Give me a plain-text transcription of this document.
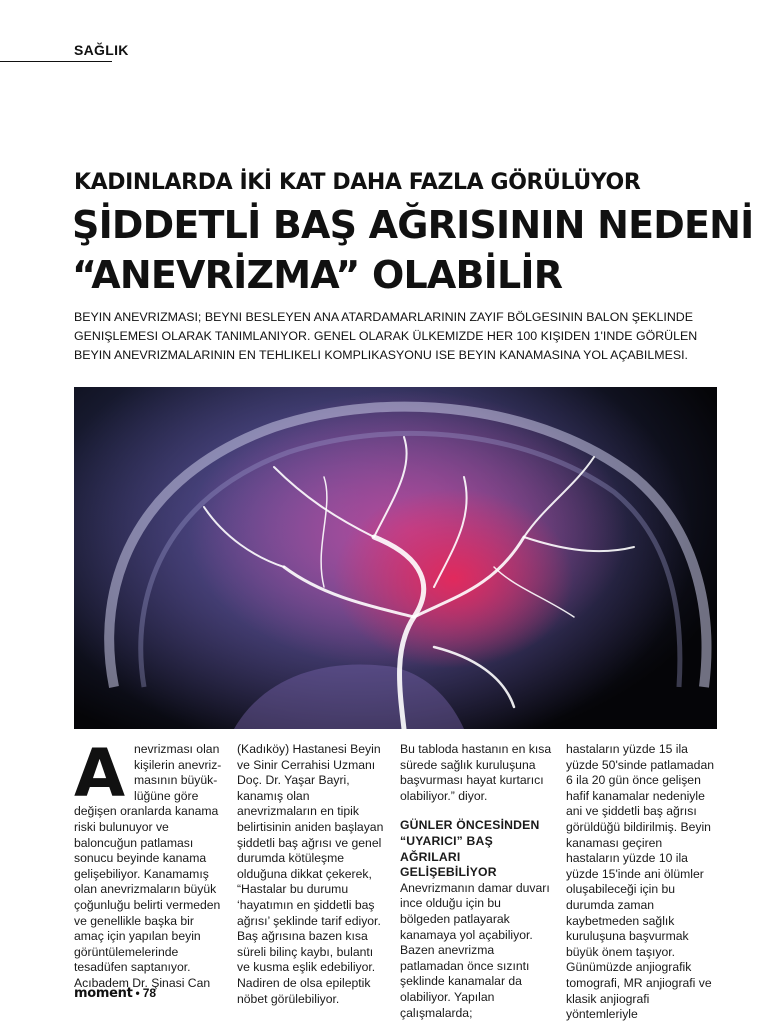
SAĞLIK
KADINLARDA İKİ KAT DAHA FAZLA GÖRÜLÜYOR
ŞİDDETLİ BAŞ AĞRISININ NEDENİ
“ANEVRİZMA” OLABİLİR
BEYIN ANEVRIZMASI; BEYNI BESLEYEN ANA ATARDAMARLARININ ZAYIF BÖLGESININ BALON ŞEKLINDE GENIŞLEMESI OLARAK TANIMLANIYOR. GENEL OLARAK ÜLKEMIZDE HER 100 KIŞIDEN 1'INDE GÖRÜLEN BEYIN ANEVRIZMALARININ EN TEHLIKELI KOMPLIKASYONU ISE BEYIN KANAMASINA YOL AÇABILMESI.
A nevrizması olan

kişilerin anevriz-

masının büyük-

lüğüne göre

değişen oranlarda kanama riski bulunuyor ve baloncuğun patlaması sonucu beyinde kanama gelişebiliyor. Kanamamış olan anevrizmaların büyük çoğunluğu belirti vermeden ve genellikle başka bir amaç için yapılan beyin görüntülemelerinde tesadüfen saptanıyor.

Acıbadem Dr. Şinasi Can

(Kadıköy) Hastanesi Beyin ve Sinir Cerrahisi Uzmanı Doç. Dr. Yaşar Bayri, kanamış olan anevrizmaların en tipik belirtisinin aniden başlayan şiddetli baş ağrısı ve genel durumda kötüleşme olduğuna dikkat çekerek, “Hastalar bu durumu ‘hayatımın en şiddetli baş ağrısı’ şeklinde tarif ediyor. Baş ağrısına bazen kısa süreli bilinç kaybı, bulantı ve kusma eşlik edebiliyor. Nadiren de olsa epileptik nöbet görülebiliyor.

Bu tabloda hastanın en kısa sürede sağlık kuruluşuna başvurması hayat kurtarıcı olabiliyor.” diyor.

GÜNLER ÖNCESİNDEN “UYARICI” BAŞ AĞRILARI GELİŞEBİLİYOR

Anevrizmanın damar duvarı ince olduğu için bu bölgeden patlayarak kanamaya yol açabiliyor. Bazen anevrizma patlamadan önce sızıntı şeklinde kanamalar da olabiliyor. Yapılan çalışmalarda;

hastaların yüzde 15 ila yüzde 50'sinde patlamadan 6 ila 20 gün önce gelişen hafif kanamalar nedeniyle ani ve şiddetli baş ağrısı görüldüğü bildirilmiş. Beyin kanaması geçiren hastaların yüzde 10 ila yüzde 15'inde ani ölümler oluşabileceği için bu durumda zaman kaybetmeden sağlık kuruluşuna başvurmak büyük önem taşıyor. Günümüzde anjiografik tomografi, MR anjiografi ve klasik anjiografi yöntemleriyle

moment • 78
